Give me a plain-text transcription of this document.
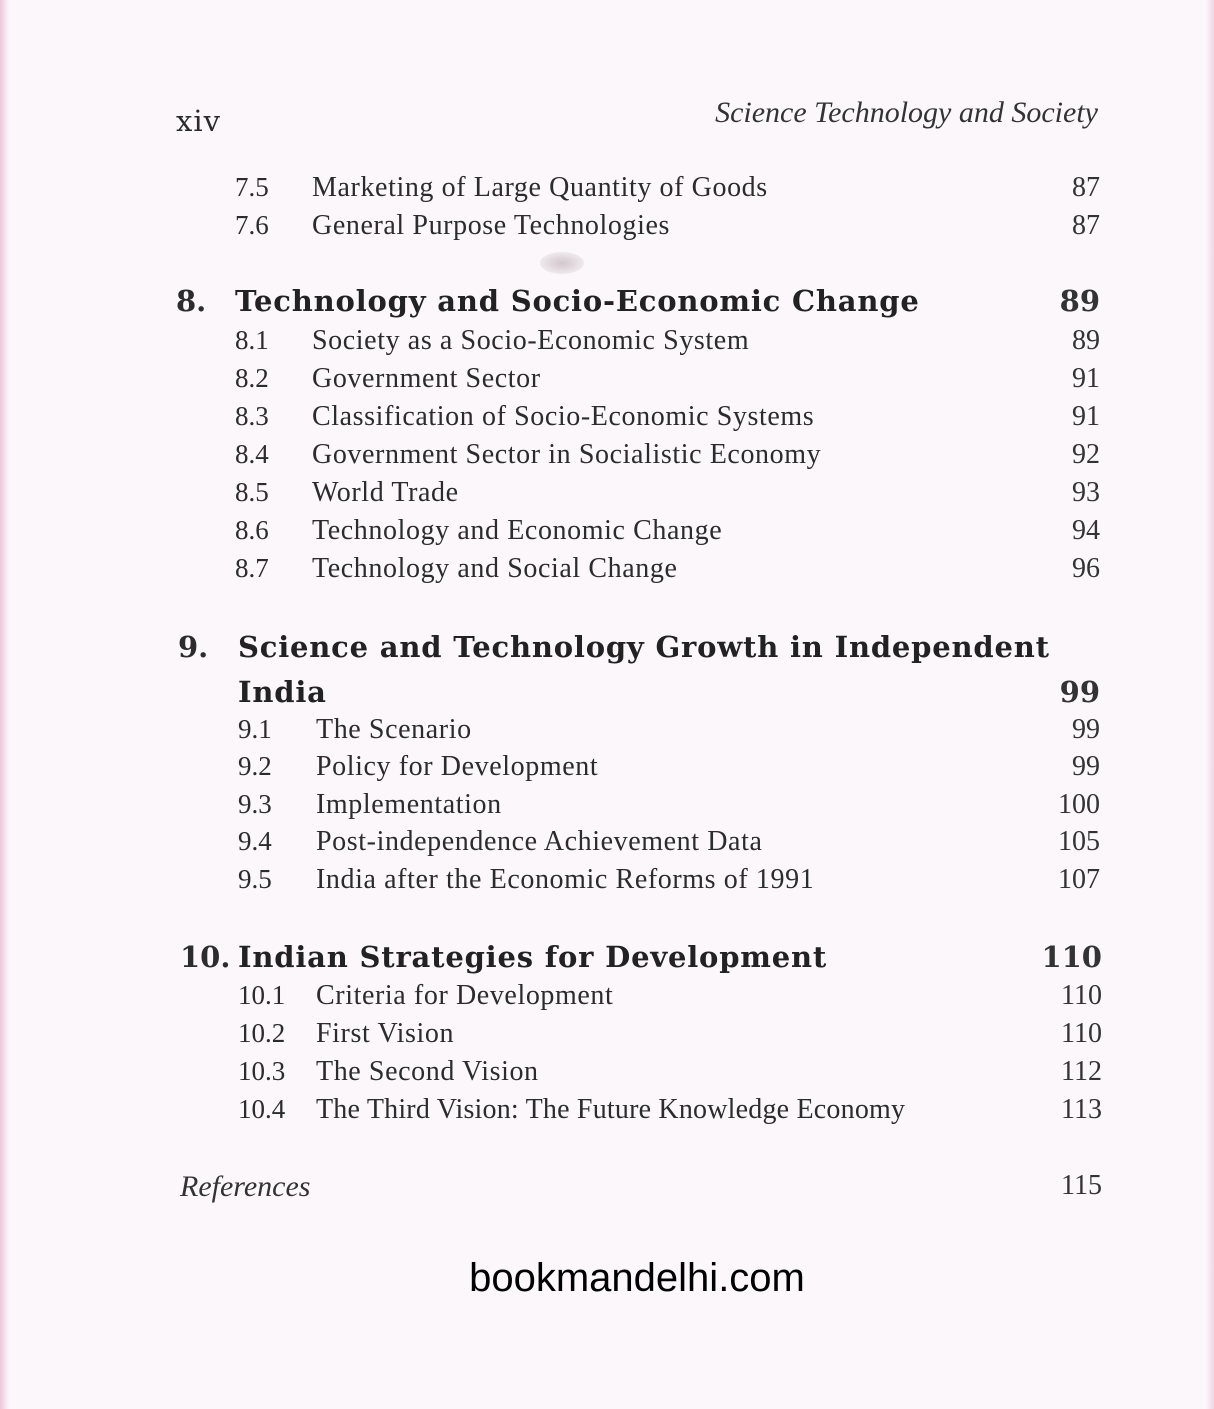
xiv	Science Technology and Society
7.5 Marketing of Large Quantity of Goods	87
7.6 General Purpose Technologies	87
8. Technology and Socio-Economic Change	89
8.1 Society as a Socio-Economic System	89
8.2 Government Sector	91
8.3 Classification of Socio-Economic Systems	91
8.4 Government Sector in Socialistic Economy	92
8.5 World Trade	93
8.6 Technology and Economic Change	94
8.7 Technology and Social Change	96
9. Science and Technology Growth in Independent
India	99
9.1 The Scenario	99
9.2 Policy for Development	99
9.3 Implementation	100
9.4 Post-independence Achievement Data	105
9.5 India after the Economic Reforms of 1991	107
10. Indian Strategies for Development	110
10.1 Criteria for Development	110
10.2 First Vision	110
10.3 The Second Vision	112
10.4 The Third Vision: The Future Knowledge Economy	113
References	115
bookmandelhi.com
